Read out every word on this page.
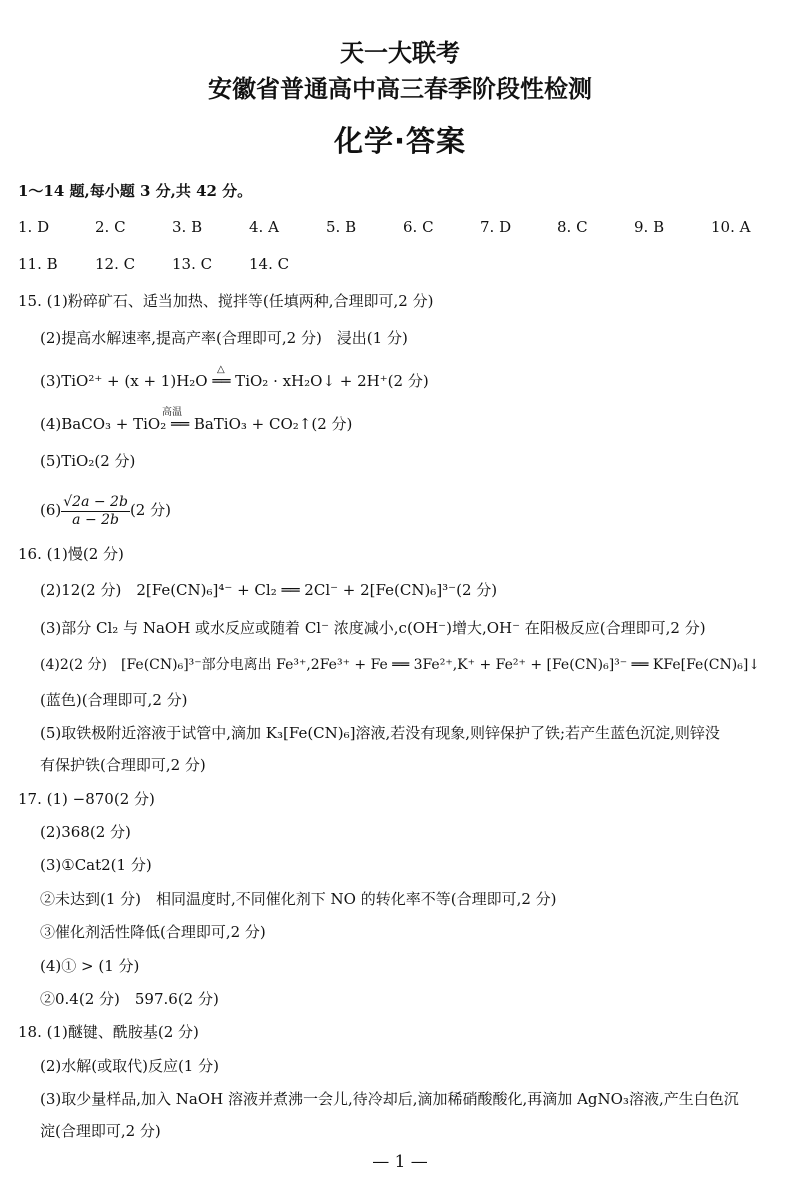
天一大联考
安徽省普通高中高三春季阶段性检测
化学·答案
1～14 题,每小题 3 分,共 42 分。
1. D	2. C	3. B	4. A	5. B	6. C	7. D	8. C	9. B	10. A
11. B 12. C 13. C 14. C
15. (1)粉碎矿石、适当加热、搅拌等(任填两种,合理即可,2 分)
(2)提高水解速率,提高产率(合理即可,2 分)　浸出(1 分)
(3)TiO²⁺ + (x + 1)H₂O ══ TiO₂ · xH₂O↓ + 2H⁺(2 分)
△
(4)BaCO₃ + TiO₂ ══ BaTiO₃ + CO₂↑(2 分)
高温
(5)TiO₂(2 分)
$(6) \frac{√2a - 2b}{a - 2b} (2$ 分)
16. (1)慢(2 分)
(2)12(2 分)　2[Fe(CN)₆]⁴⁻ + Cl₂ ══ 2Cl⁻ + 2[Fe(CN)₆]³⁻(2 分)
(3)部分 Cl₂ 与 NaOH 或水反应或随着 Cl⁻ 浓度减小,c(OH⁻)增大,OH⁻ 在阳极反应(合理即可,2 分)
(4)2(2 分)　[Fe(CN)₆]³⁻部分电离出 Fe³⁺,2Fe³⁺ + Fe ══ 3Fe²⁺,K⁺ + Fe²⁺ + [Fe(CN)₆]³⁻ ══ KFe[Fe(CN)₆]↓
(蓝色)(合理即可,2 分)
(5)取铁极附近溶液于试管中,滴加 K₃[Fe(CN)₆]溶液,若没有现象,则锌保护了铁;若产生蓝色沉淀,则锌没
有保护铁(合理即可,2 分)
17. (1) −870(2 分)
(2)368(2 分)
(3)①Cat2(1 分)
②未达到(1 分)　相同温度时,不同催化剂下 NO 的转化率不等(合理即可,2 分)
③催化剂活性降低(合理即可,2 分)
(4)① > (1 分)
②0.4(2 分)　597.6(2 分)
18. (1)醚键、酰胺基(2 分)
(2)水解(或取代)反应(1 分)
(3)取少量样品,加入 NaOH 溶液并煮沸一会儿,待冷却后,滴加稀硝酸酸化,再滴加 AgNO₃溶液,产生白色沉
淀(合理即可,2 分)
— 1 —
